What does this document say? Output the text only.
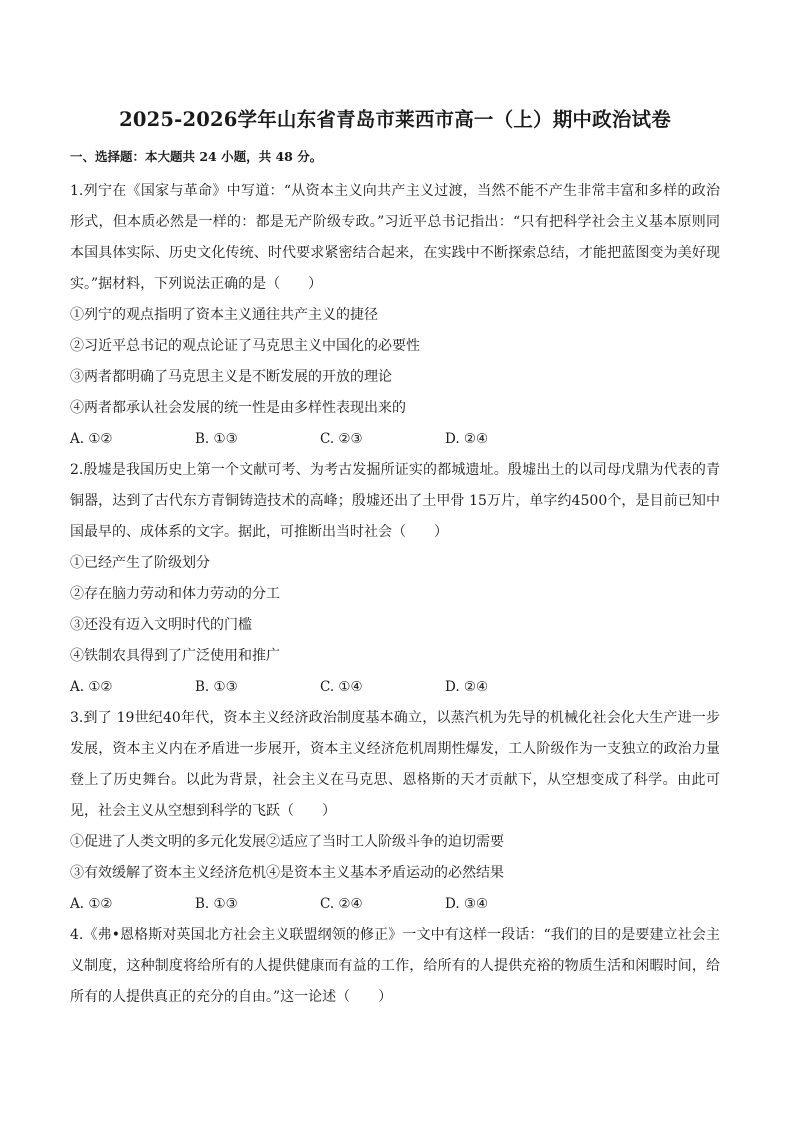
2025-2026学年山东省青岛市莱西市高一（上）期中政治试卷
一、选择题：本大题共 24 小题，共 48 分。

1.列宁在《国家与革命》中写道：“从资本主义向共产主义过渡，当然不能不产生非常丰富和多样的政治形式，但本质必然是一样的：都是无产阶级专政。”习近平总书记指出：“只有把科学社会主义基本原则同本国具体实际、历史文化传统、时代要求紧密结合起来，在实践中不断探索总结，才能把蓝图变为美好现实。”据材料，下列说法正确的是（　　）

①列宁的观点指明了资本主义通往共产主义的捷径

②习近平总书记的观点论证了马克思主义中国化的必要性

③两者都明确了马克思主义是不断发展的开放的理论

④两者都承认社会发展的统一性是由多样性表现出来的

A. ①②	B. ①③	C. ②③	D. ②④

2.殷墟是我国历史上第一个文献可考、为考古发掘所证实的都城遗址。殷墟出土的以司母戊鼎为代表的青铜器，达到了古代东方青铜铸造技术的高峰；殷墟还出了土甲骨 15万片，单字约4500个，是目前已知中国最早的、成体系的文字。据此，可推断出当时社会（　　）

①已经产生了阶级划分

②存在脑力劳动和体力劳动的分工

③还没有迈入文明时代的门槛

④铁制农具得到了广泛使用和推广

A. ①②	B. ①③	C. ①④	D. ②④

3.到了 19世纪40年代，资本主义经济政治制度基本确立，以蒸汽机为先导的机械化社会化大生产进一步发展，资本主义内在矛盾进一步展开，资本主义经济危机周期性爆发，工人阶级作为一支独立的政治力量登上了历史舞台。以此为背景，社会主义在马克思、恩格斯的天才贡献下，从空想变成了科学。由此可见，社会主义从空想到科学的飞跃（　　）

①促进了人类文明的多元化发展②适应了当时工人阶级斗争的迫切需要

③有效缓解了资本主义经济危机④是资本主义基本矛盾运动的必然结果

A. ①②	B. ①③	C. ②④	D. ③④

4.《弗•恩格斯对英国北方社会主义联盟纲领的修正》一文中有这样一段话：“我们的目的是要建立社会主义制度，这种制度将给所有的人提供健康而有益的工作，给所有的人提供充裕的物质生活和闲暇时间，给所有的人提供真正的充分的自由。”这一论述（　　）
